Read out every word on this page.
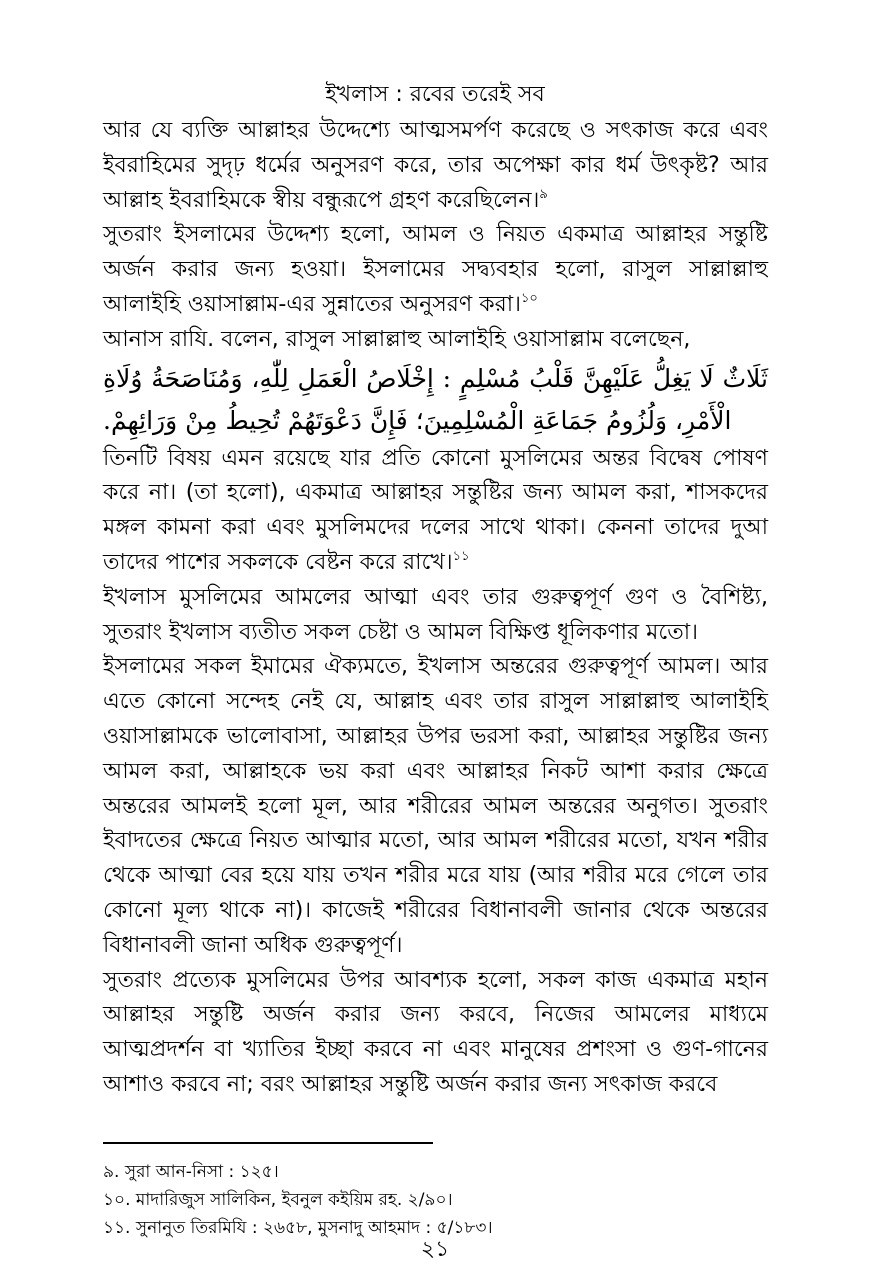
ইখলাস : রবের তরেই সব

আর যে ব্যক্তি আল্লাহর উদ্দেশ্যে আত্মসমর্পণ করেছে ও সৎকাজ করে এবং ইবরাহিমের সুদৃঢ় ধর্মের অনুসরণ করে, তার অপেক্ষা কার ধর্ম উৎকৃষ্ট? আর আল্লাহ ইবরাহিমকে স্বীয় বন্ধুরূপে গ্রহণ করেছিলেন।$^৯$

সুতরাং ইসলামের উদ্দেশ্য হলো, আমল ও নিয়ত একমাত্র আল্লাহর সন্তুষ্টি অর্জন করার জন্য হওয়া। ইসলামের সদ্ব্যবহার হলো, রাসুল সাল্লাল্লাহু আলাইহি ওয়াসাল্লাম-এর সুন্নাতের অনুসরণ করা।$^{১০}$

আনাস রাযি. বলেন, রাসুল সাল্লাল্লাহু আলাইহি ওয়াসাল্লাম বলেছেন,

ثَلَاثٌ لَا يَغِلُّ عَلَيْهِنَّ قَلْبُ مُسْلِمٍ : إِخْلَاصُ الْعَمَلِ لِلّٰهِ، وَمُنَاصَحَةُ وُلَاةِ الْأَمْرِ، وَلُزُومُ جَمَاعَةِ الْمُسْلِمِينَ؛ فَإِنَّ دَعْوَتَهُمْ تُحِيطُ مِنْ وَرَائِهِمْ.

তিনটি বিষয় এমন রয়েছে যার প্রতি কোনো মুসলিমের অন্তর বিদ্বেষ পোষণ করে না। (তা হলো), একমাত্র আল্লাহর সন্তুষ্টির জন্য আমল করা, শাসকদের মঙ্গল কামনা করা এবং মুসলিমদের দলের সাথে থাকা। কেননা তাদের দুআ তাদের পাশের সকলকে বেষ্টন করে রাখে।$^{১১}$

ইখলাস মুসলিমের আমলের আত্মা এবং তার গুরুত্বপূর্ণ গুণ ও বৈশিষ্ট্য, সুতরাং ইখলাস ব্যতীত সকল চেষ্টা ও আমল বিক্ষিপ্ত ধূলিকণার মতো।

ইসলামের সকল ইমামের ঐক্যমতে, ইখলাস অন্তরের গুরুত্বপূর্ণ আমল। আর এতে কোনো সন্দেহ নেই যে, আল্লাহ এবং তার রাসুল সাল্লাল্লাহু আলাইহি ওয়াসাল্লামকে ভালোবাসা, আল্লাহর উপর ভরসা করা, আল্লাহর সন্তুষ্টির জন্য আমল করা, আল্লাহকে ভয় করা এবং আল্লাহর নিকট আশা করার ক্ষেত্রে অন্তরের আমলই হলো মূল, আর শরীরের আমল অন্তরের অনুগত। সুতরাং ইবাদতের ক্ষেত্রে নিয়ত আত্মার মতো, আর আমল শরীরের মতো, যখন শরীর থেকে আত্মা বের হয়ে যায় তখন শরীর মরে যায় (আর শরীর মরে গেলে তার কোনো মূল্য থাকে না)। কাজেই শরীরের বিধানাবলী জানার থেকে অন্তরের বিধানাবলী জানা অধিক গুরুত্বপূর্ণ।

সুতরাং প্রত্যেক মুসলিমের উপর আবশ্যক হলো, সকল কাজ একমাত্র মহান আল্লাহর সন্তুষ্টি অর্জন করার জন্য করবে, নিজের আমলের মাধ্যমে আত্মপ্রদর্শন বা খ্যাতির ইচ্ছা করবে না এবং মানুষের প্রশংসা ও গুণ-গানের আশাও করবে না; বরং আল্লাহর সন্তুষ্টি অর্জন করার জন্য সৎকাজ করবে

৯. সুরা আন-নিসা : ১২৫।
১০. মাদারিজুস সালিকিন, ইবনুল কইয়িম রহ. ২/৯০।
১১. সুনানুত তিরমিযি : ২৬৫৮, মুসনাদু আহমাদ : ৫/১৮৩।
২১
